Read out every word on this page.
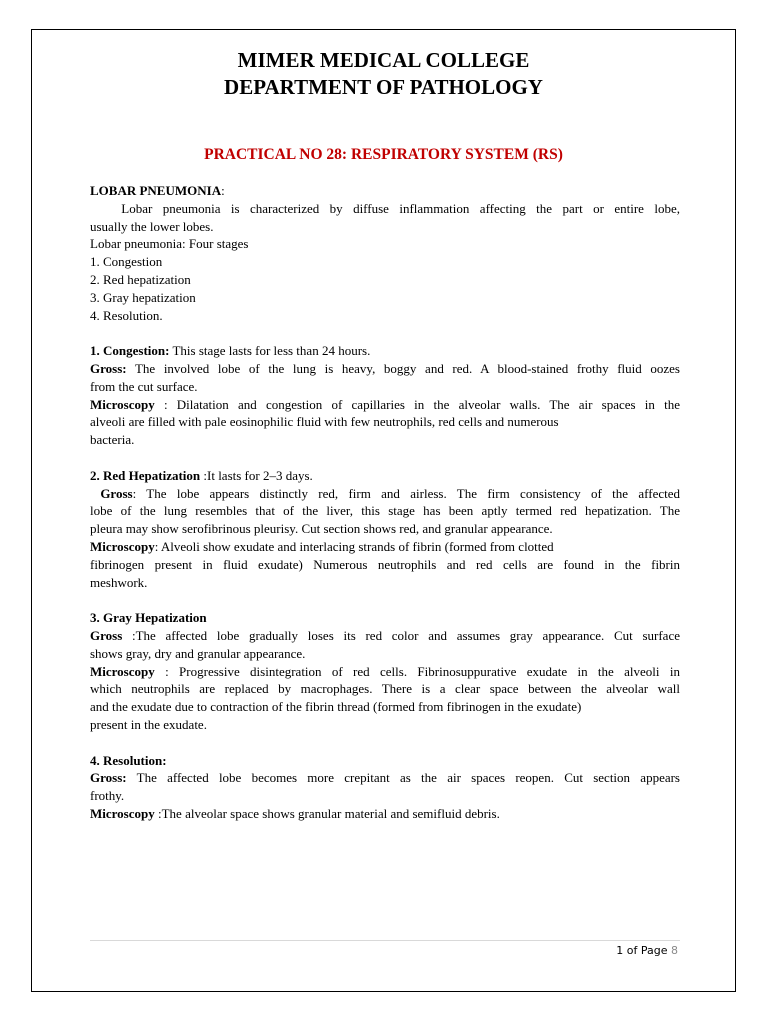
MIMER MEDICAL COLLEGE
DEPARTMENT OF PATHOLOGY
PRACTICAL NO 28: RESPIRATORY SYSTEM (RS)

LOBAR PNEUMONIA:

Lobar pneumonia is characterized by diffuse inflammation affecting the part or entire lobe,

usually the lower lobes.

Lobar pneumonia: Four stages

1. Congestion

2. Red hepatization

3. Gray hepatization

4. Resolution.

1. Congestion: This stage lasts for less than 24 hours.

Gross: The involved lobe of the lung is heavy, boggy and red. A blood-stained frothy fluid oozes

from the cut surface.

Microscopy : Dilatation and congestion of capillaries in the alveolar walls. The air spaces in the

alveoli are filled with pale eosinophilic fluid with few neutrophils, red cells and numerous

bacteria.

2. Red Hepatization :It lasts for 2–3 days.

Gross: The lobe appears distinctly red, firm and airless. The firm consistency of the affected

lobe of the lung resembles that of the liver, this stage has been aptly termed red hepatization. The

pleura may show serofibrinous pleurisy. Cut section shows red, and granular appearance.

Microscopy: Alveoli show exudate and interlacing strands of fibrin (formed from clotted

fibrinogen present in fluid exudate) Numerous neutrophils and red cells are found in the fibrin

meshwork.

3. Gray Hepatization

Gross :The affected lobe gradually loses its red color and assumes gray appearance. Cut surface

shows gray, dry and granular appearance.

Microscopy : Progressive disintegration of red cells. Fibrinosuppurative exudate in the alveoli in

which neutrophils are replaced by macrophages. There is a clear space between the alveolar wall

and the exudate due to contraction of the fibrin thread (formed from fibrinogen in the exudate)

present in the exudate.

4. Resolution:

Gross: The affected lobe becomes more crepitant as the air spaces reopen. Cut section appears

frothy.

Microscopy :The alveolar space shows granular material and semifluid debris.

1 of Page 8
